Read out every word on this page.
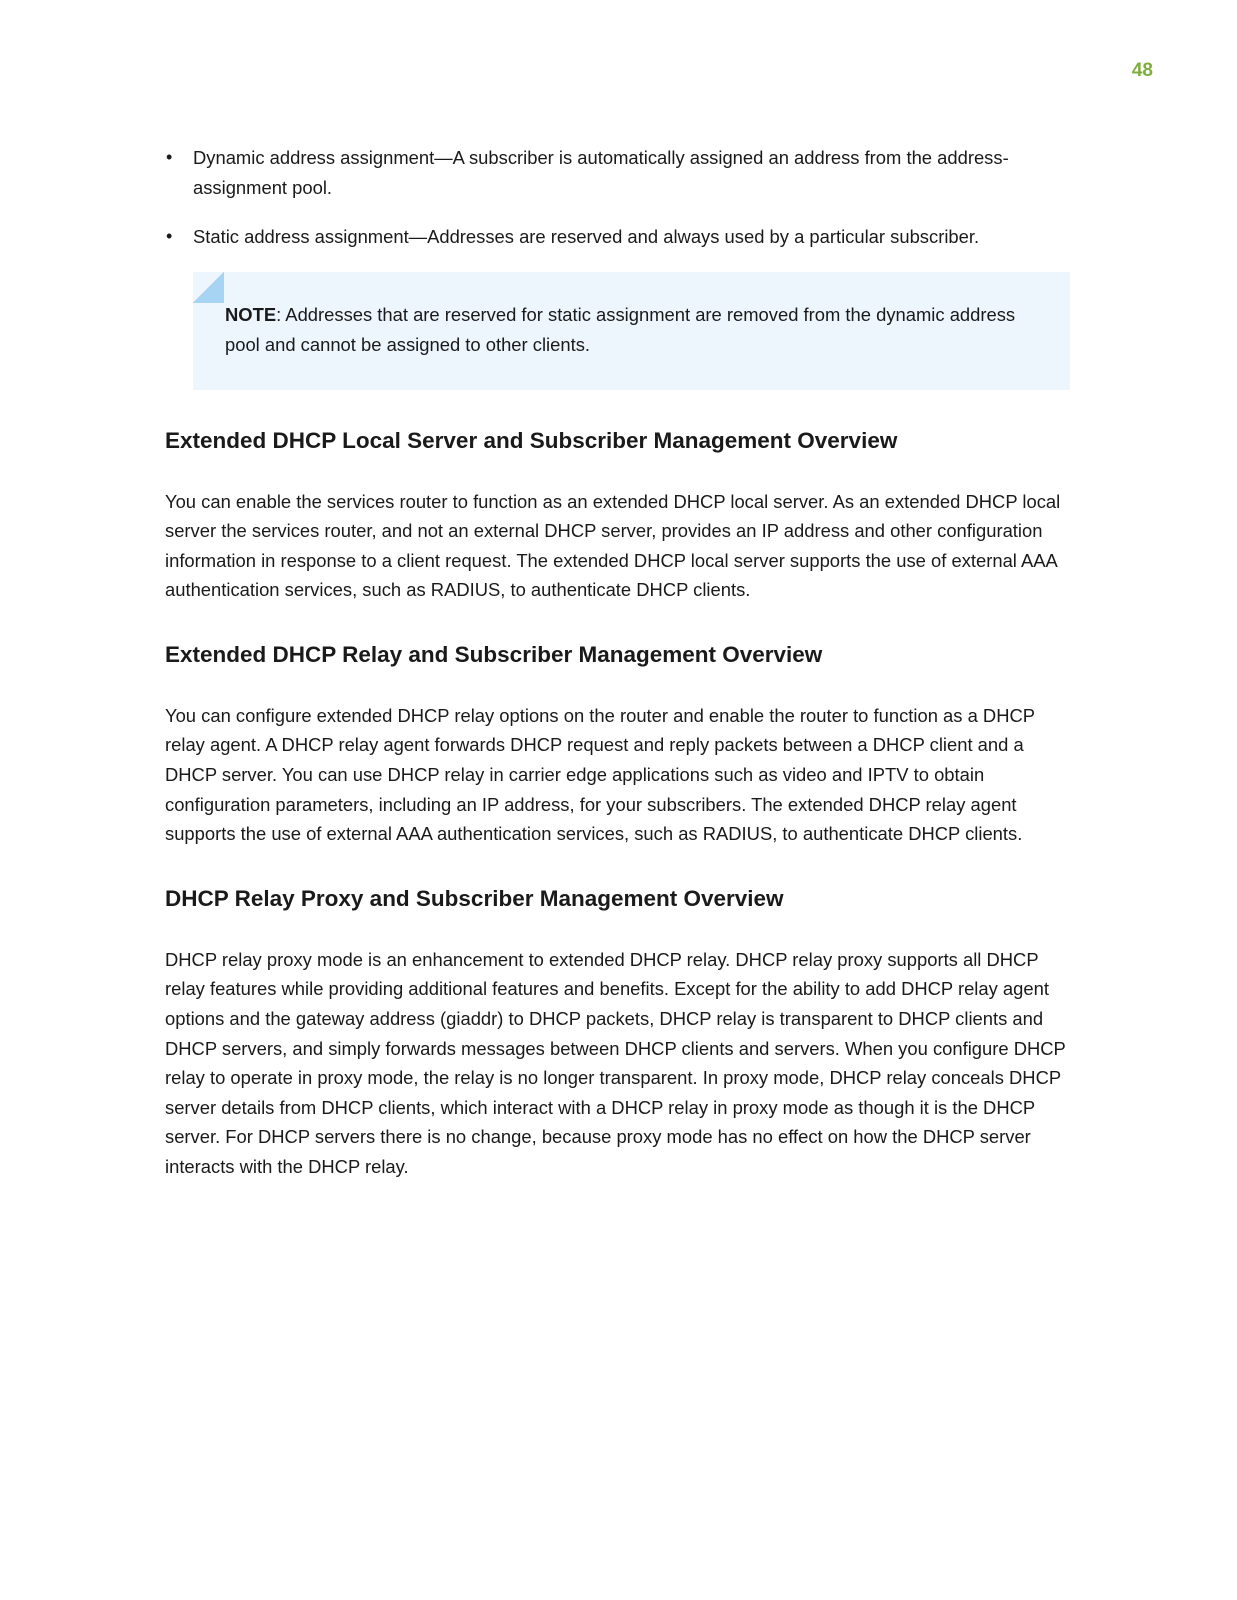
48
• Dynamic address assignment—A subscriber is automatically assigned an address from the address-assignment pool.
• Static address assignment—Addresses are reserved and always used by a particular subscriber.

NOTE: Addresses that are reserved for static assignment are removed from the dynamic address pool and cannot be assigned to other clients.

Extended DHCP Local Server and Subscriber Management Overview

You can enable the services router to function as an extended DHCP local server. As an extended DHCP local server the services router, and not an external DHCP server, provides an IP address and other configuration information in response to a client request. The extended DHCP local server supports the use of external AAA authentication services, such as RADIUS, to authenticate DHCP clients.

Extended DHCP Relay and Subscriber Management Overview

You can configure extended DHCP relay options on the router and enable the router to function as a DHCP relay agent. A DHCP relay agent forwards DHCP request and reply packets between a DHCP client and a DHCP server. You can use DHCP relay in carrier edge applications such as video and IPTV to obtain configuration parameters, including an IP address, for your subscribers. The extended DHCP relay agent supports the use of external AAA authentication services, such as RADIUS, to authenticate DHCP clients.

DHCP Relay Proxy and Subscriber Management Overview

DHCP relay proxy mode is an enhancement to extended DHCP relay. DHCP relay proxy supports all DHCP relay features while providing additional features and benefits. Except for the ability to add DHCP relay agent options and the gateway address (giaddr) to DHCP packets, DHCP relay is transparent to DHCP clients and DHCP servers, and simply forwards messages between DHCP clients and servers. When you configure DHCP relay to operate in proxy mode, the relay is no longer transparent. In proxy mode, DHCP relay conceals DHCP server details from DHCP clients, which interact with a DHCP relay in proxy mode as though it is the DHCP server. For DHCP servers there is no change, because proxy mode has no effect on how the DHCP server interacts with the DHCP relay.
